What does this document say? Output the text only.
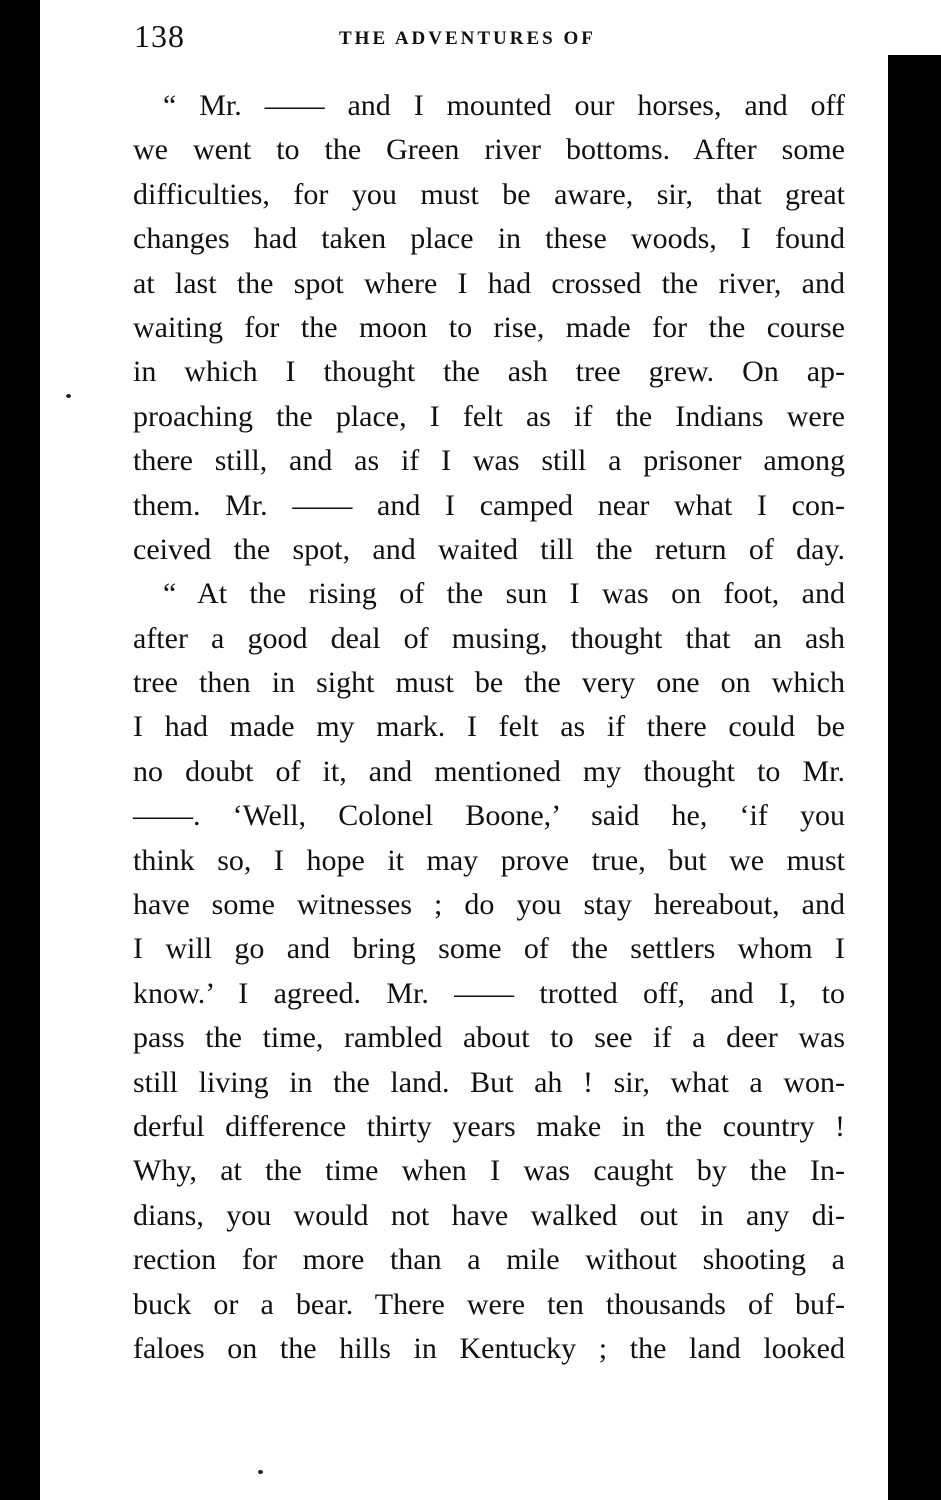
138	THE ADVENTURES OF
“ Mr. —— and I mounted our horses, and off
we went to the Green river bottoms. After some
difficulties, for you must be aware, sir, that great
changes had taken place in these woods, I found
at last the spot where I had crossed the river, and
waiting for the moon to rise, made for the course
in which I thought the ash tree grew. On ap-
proaching the place, I felt as if the Indians were
there still, and as if I was still a prisoner among
them. Mr. —— and I camped near what I con-
ceived the spot, and waited till the return of day.
“ At the rising of the sun I was on foot, and
after a good deal of musing, thought that an ash
tree then in sight must be the very one on which
I had made my mark. I felt as if there could be
no doubt of it, and mentioned my thought to Mr.
——. ‘Well, Colonel Boone,’ said he, ‘if you
think so, I hope it may prove true, but we must
have some witnesses ; do you stay hereabout, and
I will go and bring some of the settlers whom I
know.’ I agreed. Mr. —— trotted off, and I, to
pass the time, rambled about to see if a deer was
still living in the land. But ah ! sir, what a won-
derful difference thirty years make in the country !
Why, at the time when I was caught by the In-
dians, you would not have walked out in any di-
rection for more than a mile without shooting a
buck or a bear. There were ten thousands of buf-
faloes on the hills in Kentucky ; the land looked
